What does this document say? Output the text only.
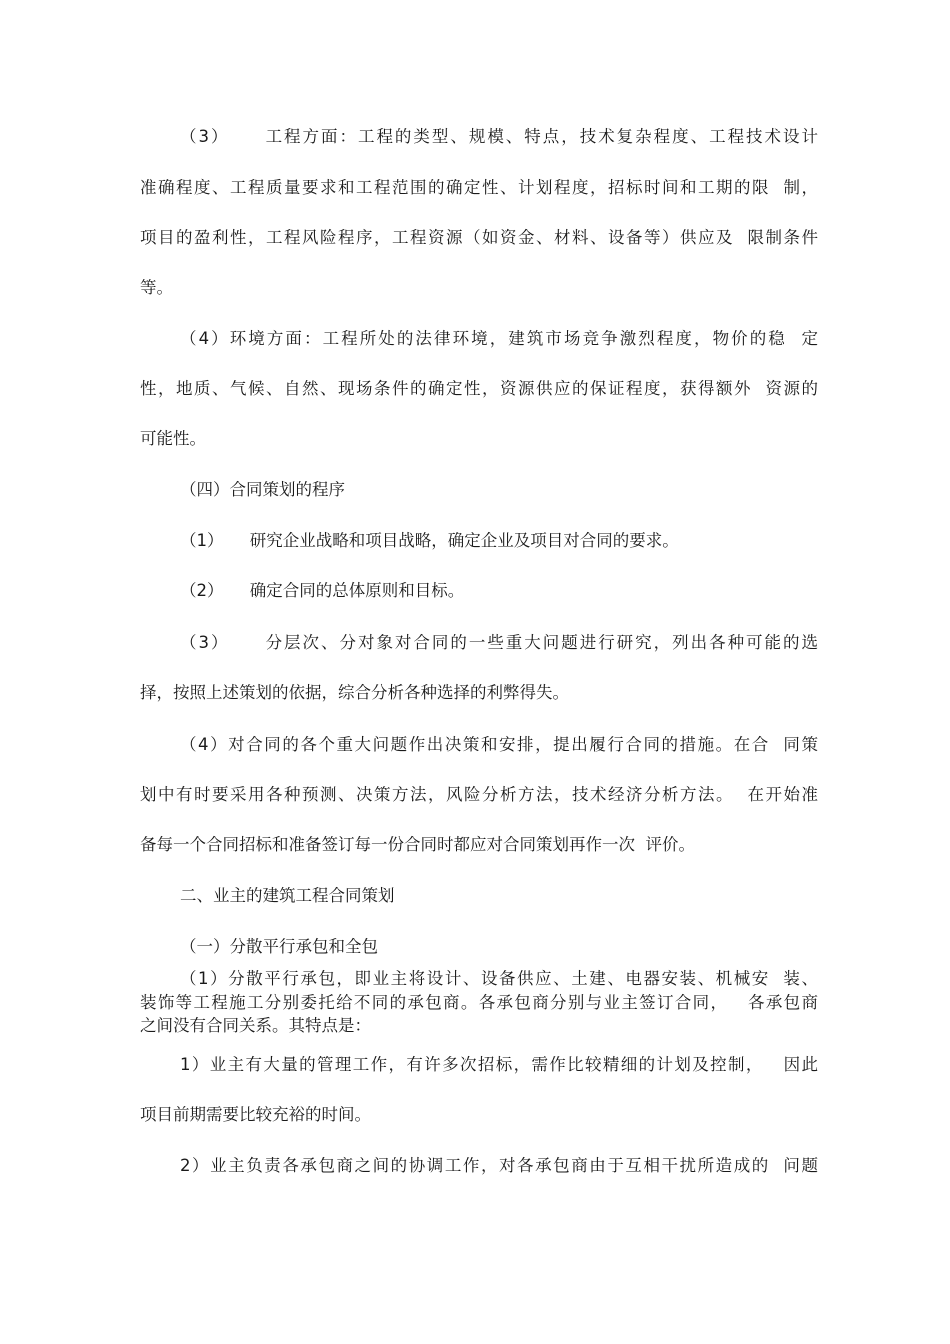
（3）     工程方面：工程的类型、规模、特点，技术复杂程度、工程技术设计

准确程度、工程质量要求和工程范围的确定性、计划程度，招标时间和工期的限  制，

项目的盈利性，工程风险程序，工程资源（如资金、材料、设备等）供应及  限制条件

等。

（4）环境方面：工程所处的法律环境，建筑市场竞争激烈程度，物价的稳  定

性，地质、气候、自然、现场条件的确定性，资源供应的保证程度，获得额外  资源的

可能性。

（四）合同策划的程序

（1）     研究企业战略和项目战略，确定企业及项目对合同的要求。

（2）     确定合同的总体原则和目标。

（3）     分层次、分对象对合同的一些重大问题进行研究，列出各种可能的选

择，按照上述策划的依据，综合分析各种选择的利弊得失。

（4）对合同的各个重大问题作出决策和安排，提出履行合同的措施。在合  同策

划中有时要采用各种预测、决策方法，风险分析方法，技术经济分析方法。  在开始准

备每一个合同招标和准备签订每一份合同时都应对合同策划再作一次  评价。

二、业主的建筑工程合同策划

（一）分散平行承包和全包

（1）分散平行承包，即业主将设计、设备供应、土建、电器安装、机械安  装、

装饰等工程施工分别委托给不同的承包商。各承包商分别与业主签订合同，   各承包商

之间没有合同关系。其特点是：

1）业主有大量的管理工作，有许多次招标，需作比较精细的计划及控制，   因此

项目前期需要比较充裕的时间。

2）业主负责各承包商之间的协调工作，对各承包商由于互相干扰所造成的  问题
